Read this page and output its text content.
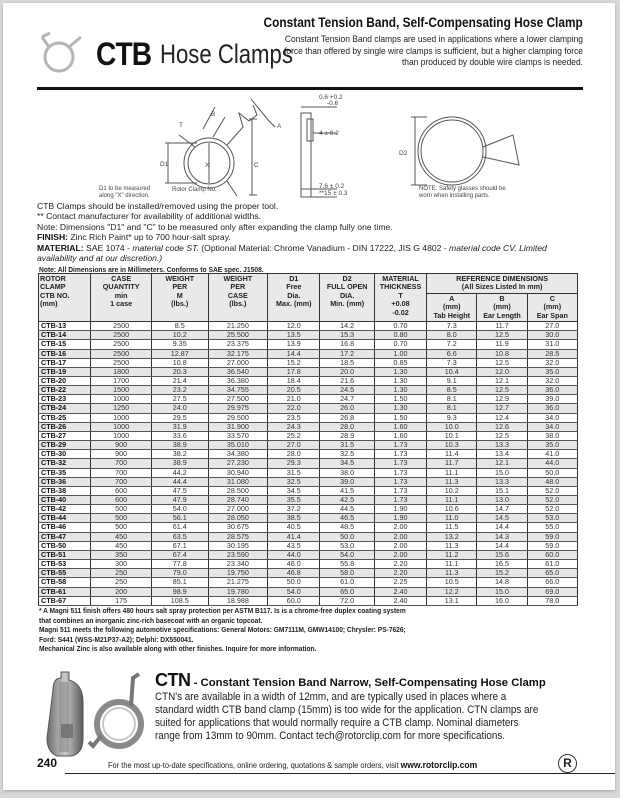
CTB Hose Clamps
Constant Tension Band, Self-Compensating Hose Clamp
Constant Tension Band clamps are used in applications where a lower clamping force than offered by single wire clamps is sufficient, but a higher clamping force than produced by double wire clamps is needed.
T
B
A
D1	X	C
D2
0.6 +0.2
-0.6
4 ± 0.2
7.6 ± 0.2
**15 ± 0.3
D1 to be measured
along "X" direction.
Rotor Clamp No.	NOTE: Safety glasses should be
worn when installing parts.
CTB Clamps should be installed/removed using the proper tool.
** Contact manufacturer for availability of additional widths.
Note: Dimensions "D1" and "C" to be measured only after expanding the clamp fully one time.
FINISH: Zinc Rich Paint* up to 700 hour-salt spray.
MATERIAL: SAE 1074 - material code ST. (Optional Material: Chrome Vanadium - DIN 17222, JIS G 4802 - material code CV. Limited availability and at our discretion.)
Note: All Dimensions are in Millimeters. Conforms to SAE spec. J1508.
ROTOR
CLAMP
CTB NO.
(mm)

CASE
QUANTITY
min
1 case

WEIGHT
PER
M
(lbs.)

WEIGHT
PER
CASE
(lbs.)

D1
Free
Dia.
Max. (mm)

D2
FULL OPEN
DIA.
Min. (mm)

MATERIAL
THICKNESS
T
+0.08
-0.02

REFERENCE DIMENSIONS
(All Sizes Listed In mm)

A
(mm)
Tab Height

B
(mm)
Ear Length

C
(mm)
Ear Span

CTB-13	2500	8.5	21.250	12.0	14.2	0.70	7.3	11.7	27.0
CTB-14	2500	10.2	25.500	13.5	15.3	0.80	8.0	12.5	30.0
CTB-15	2500	9.35	23.375	13.9	16.8	0.70	7.2	11.9	31.0
CTB-16	2500	12.87	32.175	14.4	17.2	1.00	6.6	10.8	28.5
CTB-17	2500	10.8	27.000	15.2	18.5	0.85	7.3	12.5	32.0
CTB-19	1800	20.3	36.540	17.8	20.0	1.30	10.4	12.0	35.0
CTB-20	1700	21.4	36.380	18.4	21.6	1.30	9.1	12.1	32.0
CTB-22	1500	23.2	34.755	20.5	24.5	1.30	8.5	12.5	36.0
CTB-23	1000	27.5	27.500	21.0	24.7	1.50	8.1	12.9	39.0
CTB-24	1250	24.0	29.975	22.0	26.0	1.30	8.1	12.7	36.0
CTB-25	1000	29.5	29.500	23.5	26.8	1.50	9.3	12.4	34.0
CTB-26	1000	31.9	31.900	24.3	28.0	1.60	10.0	12.6	34.0
CTB-27	1000	33.6	33.570	25.2	28.9	1.60	10.1	12.5	38.0
CTB-29	900	38.9	35.010	27.0	31.5	1.73	10.3	13.3	35.0
CTB-30	900	38.2	34.380	28.0	32.5	1.73	11.4	13.4	41.0
CTB-32	700	38.9	27.230	29.3	34.5	1.73	11.7	12.1	44.0
CTB-35	700	44.2	30.940	31.5	38.0	1.73	11.1	15.0	50.0
CTB-36	700	44.4	31.080	32.5	39.0	1.73	11.3	13.3	48.0
CTB-38	600	47.5	28.500	34.5	41.5	1.73	10.2	15.1	52.0
CTB-40	600	47.9	28.740	35.5	42.5	1.73	11.1	13.0	52.0
CTB-42	500	54.0	27.000	37.2	44.5	1.90	10.6	14.7	52.0
CTB-44	500	56.1	28.050	38.5	46.5	1.90	11.0	14.5	53.0
CTB-46	500	61.4	30.675	40.5	48.5	2.00	11.5	14.4	55.0
CTB-47	450	63.5	28.575	41.4	50.0	2.00	13.2	14.3	59.0
CTB-50	450	67.1	30.195	43.5	53.0	2.00	11.3	14.4	59.0
CTB-51	350	67.4	23.590	44.0	54.0	2.00	11.2	15.6	60.0
CTB-53	300	77.8	23.340	46.0	55.8	2.20	11.1	16.5	61.0
CTB-55	250	79.0	19.750	46.8	58.0	2.20	11.3	15.2	65.0
CTB-58	250	85.1	21.275	50.0	61.0	2.25	10.5	14.8	66.0
CTB-61	200	98.9	19.780	54.0	65.0	2.40	12.2	15.0	69.0
CTB-67	175	108.5	18.988	60.0	72.0	2.40	13.1	16.0	78.0
* A Magni 511 finish offers 480 hours salt spray protection per ASTM B117. Is is a chrome-free duplex coating system
that combines an inorganic zinc-rich basecoat with an organic topcoat.
Magni 511 meets the following automotive specifications: General Motors: GM7111M, GMW14100; Chrysler: PS-7626;
Ford: S441 (WSS-M21P37-A2); Delphi: DX550041.
Mechanical Zinc is also available along with other finishes. Inquire for more information.
CTN - Constant Tension Band Narrow, Self-Compensating Hose Clamp
CTN's are available in a width of 12mm, and are typically used in places where a standard width CTB band clamp (15mm) is too wide for the application. CTN clamps are suited for applications that would normally require a CTB clamp. Nominal diameters range from 13mm to 90mm. Contact tech@rotorclip.com for more specifications.
240	For the most up-to-date specifications, online ordering, quotations & sample orders, visit www.rotorclip.com	R
